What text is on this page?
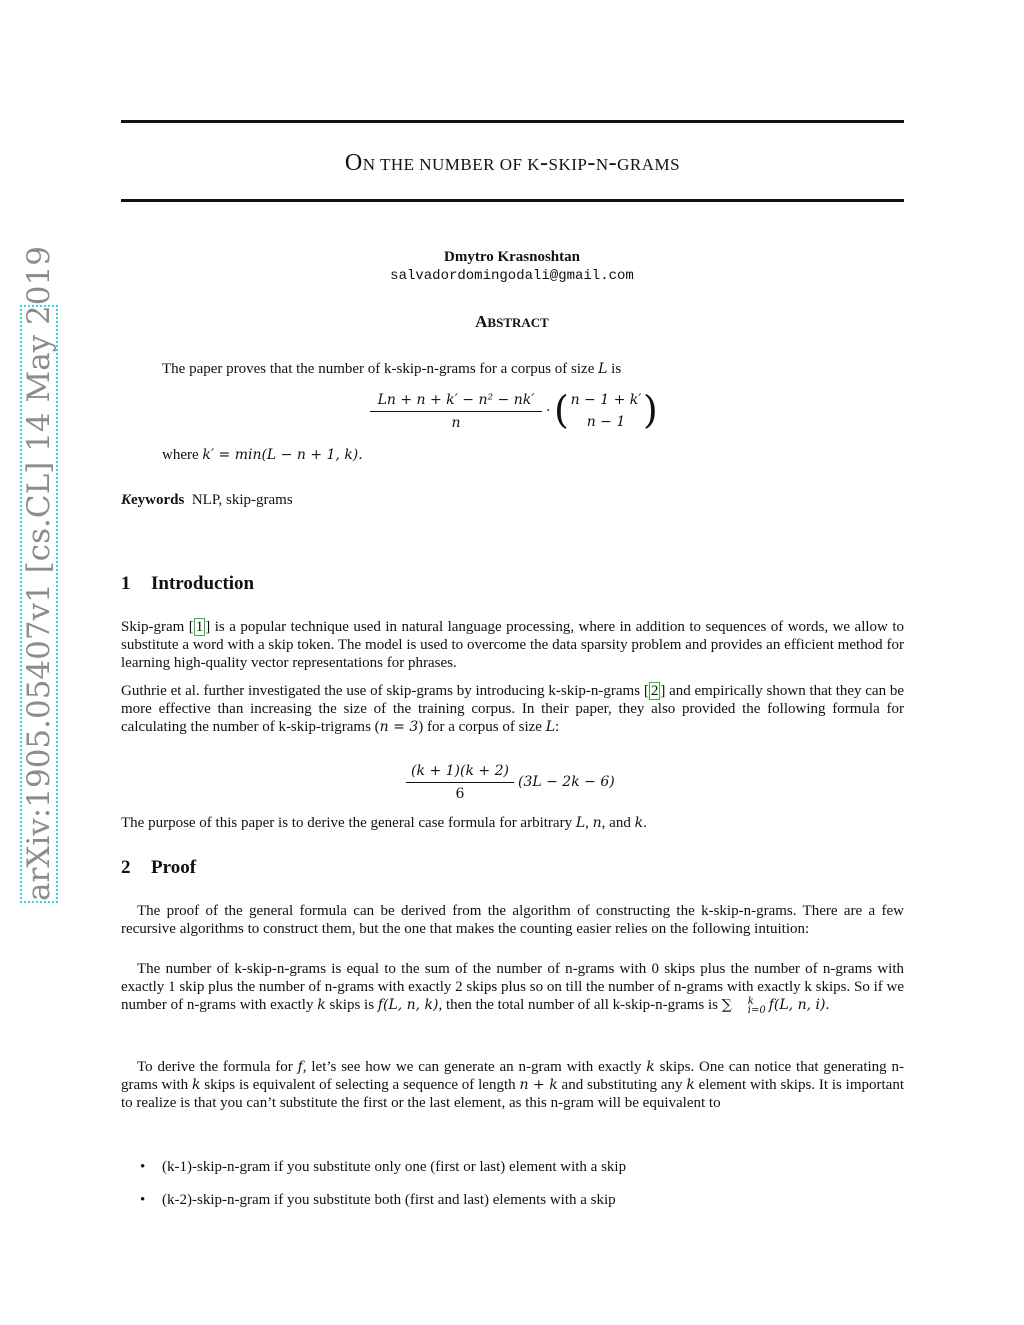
arXiv:1905.05407v1 [cs.CL] 14 May 2019
ON THE NUMBER OF K-SKIP-N-GRAMS
Dmytro Krasnoshtan
salvadordomingodali@gmail.com
ABSTRACT
The paper proves that the number of k-skip-n-grams for a corpus of size L is
Ln + n + k′ − n² − nk′
n
· ( n − 1 + k′
n − 1 )
where k′ = min(L − n + 1, k).
Keywords NLP, skip-grams
1 Introduction
Skip-gram [ 1 ] is a popular technique used in natural language processing, where in addition to sequences of words, we allow to substitute a word with a skip token. The model is used to overcome the data sparsity problem and provides an efficient method for learning high-quality vector representations for phrases.
Guthrie et al. further investigated the use of skip-grams by introducing k-skip-n-grams [ 2 ] and empirically shown that they can be more effective than increasing the size of the training corpus. In their paper, they also provided the following formula for calculating the number of k-skip-trigrams (n = 3) for a corpus of size L:
(k + 1)(k + 2)
6
(3L − 2k − 6)
The purpose of this paper is to derive the general case formula for arbitrary L, n, and k.
2 Proof
The proof of the general formula can be derived from the algorithm of constructing the k-skip-n-grams. There are a few recursive algorithms to construct them, but the one that makes the counting easier relies on the following intuition:
The number of k-skip-n-grams is equal to the sum of the number of n-grams with 0 skips plus the number of n-grams with exactly 1 skip plus the number of n-grams with exactly 2 skips plus so on till the number of n-grams with exactly k skips. So if we number of n-grams with exactly k skips is f(L, n, k), then the total number of all k-skip-n-grams is ∑	k
i=0 f(L, n, i).
To derive the formula for f, let’s see how we can generate an n-gram with exactly k skips. One can notice that generating n-grams with k skips is equivalent of selecting a sequence of length n + k and substituting any k element with skips. It is important to realize is that you can’t substitute the first or the last element, as this n-gram will be equivalent to
•	(k-1)-skip-n-gram if you substitute only one (first or last) element with a skip
•	(k-2)-skip-n-gram if you substitute both (first and last) elements with a skip
